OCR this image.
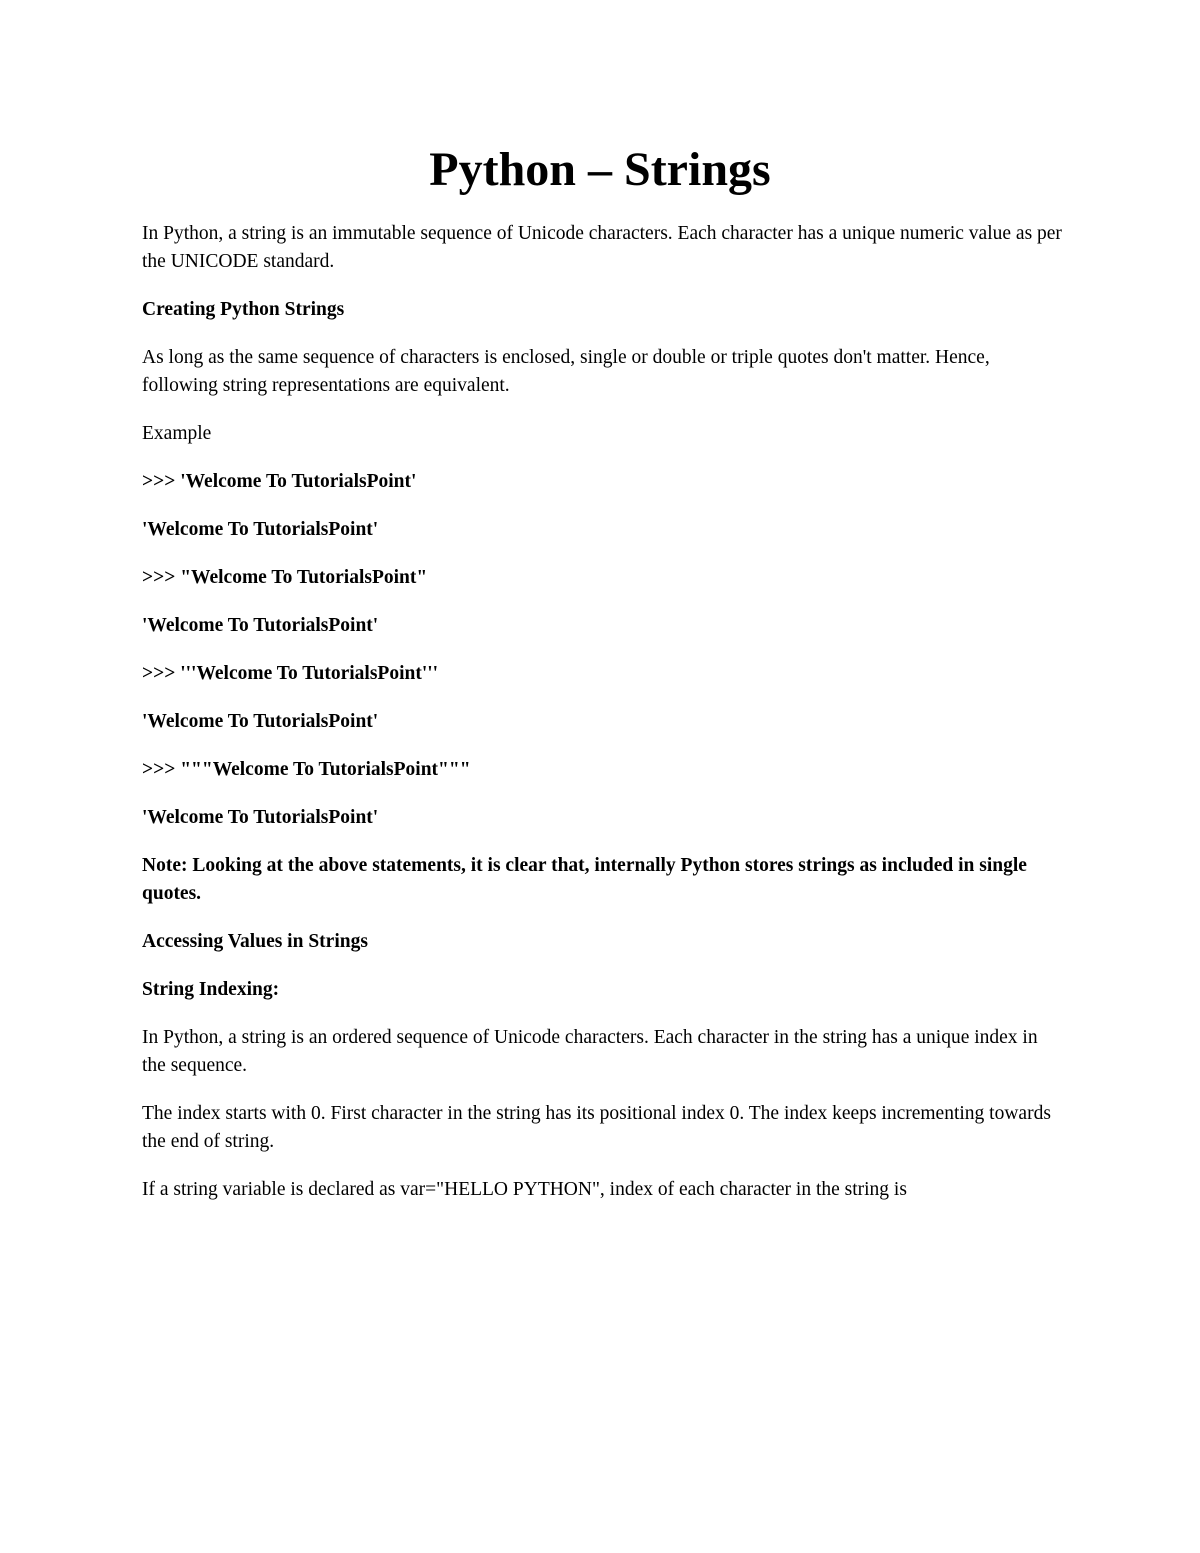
Python – Strings

In Python, a string is an immutable sequence of Unicode characters. Each character has a unique numeric value as per the UNICODE standard.

Creating Python Strings

As long as the same sequence of characters is enclosed, single or double or triple quotes don't matter. Hence, following string representations are equivalent.

Example

>>> 'Welcome To TutorialsPoint'

'Welcome To TutorialsPoint'

>>> "Welcome To TutorialsPoint"

'Welcome To TutorialsPoint'

>>> '''Welcome To TutorialsPoint'''

'Welcome To TutorialsPoint'

>>> """Welcome To TutorialsPoint"""

'Welcome To TutorialsPoint'

Note: Looking at the above statements, it is clear that, internally Python stores strings as included in single quotes.

Accessing Values in Strings

String Indexing:

In Python, a string is an ordered sequence of Unicode characters. Each character in the string has a unique index in the sequence.

The index starts with 0. First character in the string has its positional index 0. The index keeps incrementing towards the end of string.

If a string variable is declared as var="HELLO PYTHON", index of each character in the string is
